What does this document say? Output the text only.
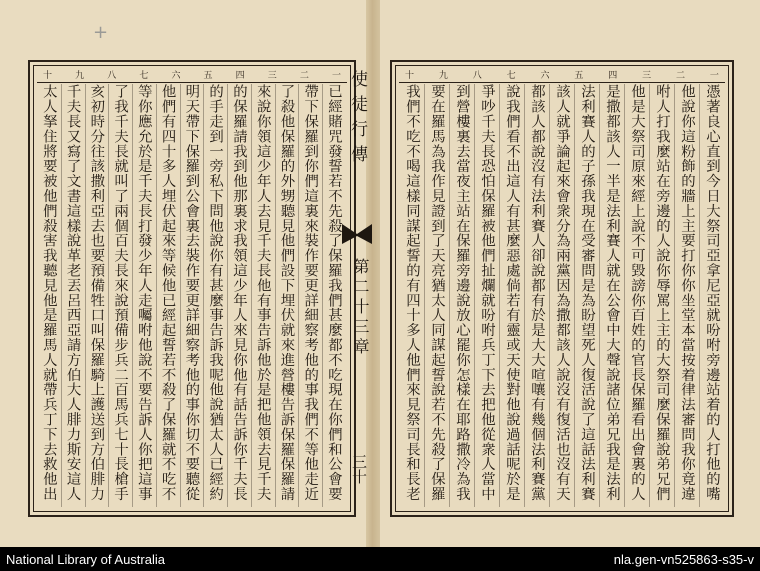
+
十	九	八	七	六	五	四	三	二	一
已經賭咒發誓若不先殺了保羅我們甚麼都不吃現在你們和公會要
帶下保羅到你們這裏來裝作要更詳細察考他的事我們不等他走近
了殺他保羅的外甥聽見他們設下埋伏就來進營樓告訴保羅保羅請
來說你領這少年人去見千夫長他有事告訴他於是把他領去見千夫
的保羅請我到他那裏求我領這少年人來見你他有話告訴你千夫長
的手走到一旁私下問他說你有甚麼事告訴我呢他說猶太人已經約
明天帶下保羅到公會裏去裝作要更詳細察考他的事你切不要聽從
他們有四十多人埋伏起來等候他已經起誓若不殺了保羅就不吃不
等你應允於是千夫長打發少年人走囑咐他說不要告訴人你把這事
了我千夫長就叫了兩個百夫長來說預備步兵二百馬兵七十長槍手
亥初時分往該撒利亞去也要預備牲口叫保羅騎上護送到方伯腓力
千夫長又寫了文書這樣說革老丟呂西亞請方伯大人腓力斯安這人
太人拏住將要被他們殺害我聽見他是羅馬人就帶兵丁下去救他出
十	九	八	七	六	五	四	三	二	一
憑著良心直到今日大祭司亞拿尼亞就吩咐旁邊站着的人打他的嘴
他說你這粉飾的牆上主要打你你坐堂本當按着律法審問我你竟違
咐人打我麼站在旁邊的人說你辱罵上主的大祭司麼保羅說弟兄們
他是大祭司原來經上說不可毀謗你百姓的官長保羅看出會裏的人
是撒都該人一半是法利賽人就在公會中大聲說諸位弟兄我是法利
法利賽人的子孫我現在受審問是為盼望死人復活說了這話法利賽
該人就爭論起來會衆分為兩黨因為撒都該人說沒有復活也沒有天
都該人都說沒有法利賽人卻說都有於是大大喧嚷有幾個法利賽黨
說我們看不出這人有甚麼惡處倘若有靈或天使對他說過話呢於是
爭吵千夫長恐怕保羅被他們扯爛就吩咐兵丁下去把他從衆人當中
到營樓裏去當夜主站在保羅旁邊說放心罷你怎樣在耶路撒冷為我
要在羅馬為我作見證到了天亮猶太人同謀起誓說若不先殺了保羅
我們不吃不喝這樣同謀起誓的有四十多人他們來見祭司長和長老
使徒行傳
第二十三章
三十
National Library of Australia	nla.gen-vn525863-s35-v
